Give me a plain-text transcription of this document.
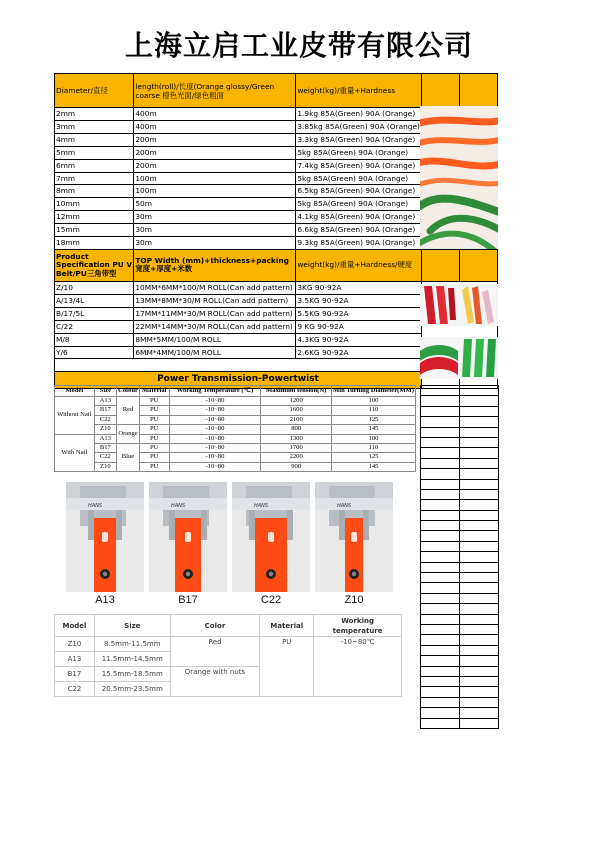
上海立启工业皮带有限公司
Diameter/直径	length(roll)/长度(Orange glossy/Green coarse 橙色光面/绿色粗面	weight(kg)/重量+Hardness		
2mm	400m	1.9kg 85A(Green) 90A (Orange)		
3mm	400m	3.85kg 85A(Green) 90A (Orange)		
4mm	200m	3.3kg 85A(Green) 90A (Orange)		
5mm	200m	5kg 85A(Green) 90A (Orange)		
6mm	200m	7.4kg 85A(Green) 90A (Orange)		
7mm	100m	5kg 85A(Green) 90A (Orange)		
8mm	100m	6.5kg 85A(Green) 90A (Orange)		
10mm	50m	5kg 85A(Green) 90A (Orange)		
12mm	30m	4.1kg 85A(Green) 90A (Orange)		
15mm	30m	6.6kg 85A(Green) 90A (Orange)		
18mm	30m	9.3kg 85A(Green) 90A (Orange)		
Product Specification PU V Belt/PU三角带型	TOP Width (mm)+thickness+packing 宽度+厚度+米数	weight(kg)/重量+Hardness/硬度		
Z/10	10MM*6MM*100/M ROLL(Can add pattern)	3KG 90-92A		
A/13/4L	13MM*8MM*30/M ROLL(Can add pattern)	3.5KG 90-92A		
B/17/5L	17MM*11MM*30/M ROLL(Can add pattern)	5.5KG 90-92A		
C/22	22MM*14MM*30/M ROLL(Can add pattern)	9 KG 90-92A		
M/8	8MM*5MM/100/M ROLL	4.3KG 90-92A		
Y/6	6MM*4MM/100/M ROLL	2.6KG 90-92A		

Power Transmission-Powertwist				
Model	Size	Colour	Material	Working Temperature (℃)	Maximum tension(N)	Min Turning Diameter(MM)
Without Nail	A13	Red	PU	-10~80	1200	100
	B17		PU	-10~80	1600	110
	C22		PU	-10~80	2100	125
	Z10	Orange	PU	-10~80	800	145
With Nail	A13		PU	-10~80	1300	100
	B17	Blue	PU	-10~80	1700	110
	C22		PU	-10~80	2200	125
	Z10		PU	-10~80	900	145

HANS
A13
HANS
B17
HANS
C22
HANS
Z10
Model	Size	Color	Material	Working temperature
Z10	8.5mm-11.5mm	Red	PU	-10~80℃
A13	11.5mm-14.5mm			
B17	15.5mm-18.5mm	Orange with nuts		
C22	20.5mm-23.5mm			
